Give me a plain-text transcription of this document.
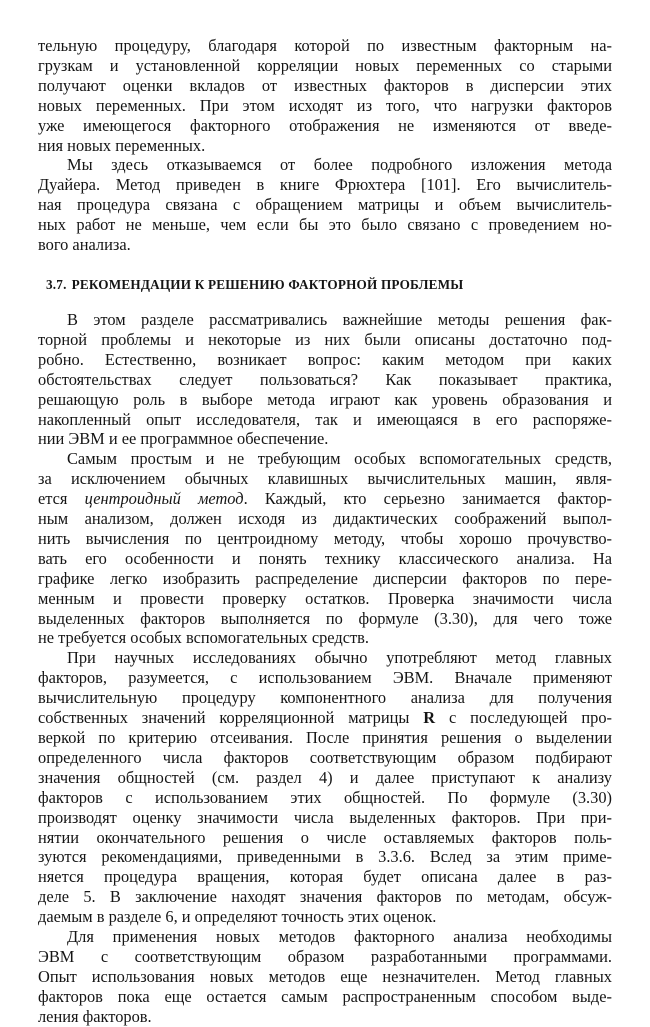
тельную процедуру, благодаря которой по известным факторным на-
грузкам и установленной корреляции новых переменных со старыми
получают оценки вкладов от известных факторов в дисперсии этих
новых переменных. При этом исходят из того, что нагрузки факторов
уже имеющегося факторного отображения не изменяются от введе-
ния новых переменных.
Мы здесь отказываемся от более подробного изложения метода
Дуайера. Метод приведен в книге Фрюхтера [101]. Его вычислитель-
ная процедура связана с обращением матрицы и объем вычислитель-
ных работ не меньше, чем если бы это было связано с проведением но-
вого анализа.
3.7. РЕКОМЕНДАЦИИ К РЕШЕНИЮ ФАКТОРНОЙ ПРОБЛЕМЫ
В этом разделе рассматривались важнейшие методы решения фак-
торной проблемы и некоторые из них были описаны достаточно под-
робно. Естественно, возникает вопрос: каким методом при каких
обстоятельствах следует пользоваться? Как показывает практика,
решающую роль в выборе метода играют как уровень образования и
накопленный опыт исследователя, так и имеющаяся в его распоряже-
нии ЭВМ и ее программное обеспечение.
Самым простым и не требующим особых вспомогательных средств,
за исключением обычных клавишных вычислительных машин, явля-
ется центроидный метод. Каждый, кто серьезно занимается фактор-
ным анализом, должен исходя из дидактических соображений выпол-
нить вычисления по центроидному методу, чтобы хорошо прочувство-
вать его особенности и понять технику классического анализа. На
графике легко изобразить распределение дисперсии факторов по пере-
менным и провести проверку остатков. Проверка значимости числа
выделенных факторов выполняется по формуле (3.30), для чего тоже
не требуется особых вспомогательных средств.
При научных исследованиях обычно употребляют метод главных
факторов, разумеется, с использованием ЭВМ. Вначале применяют
вычислительную процедуру компонентного анализа для получения
собственных значений корреляционной матрицы R с последующей про-
веркой по критерию отсеивания. После принятия решения о выделении
определенного числа факторов соответствующим образом подбирают
значения общностей (см. раздел 4) и далее приступают к анализу
факторов с использованием этих общностей. По формуле (3.30)
производят оценку значимости числа выделенных факторов. При при-
нятии окончательного решения о числе оставляемых факторов поль-
зуются рекомендациями, приведенными в 3.3.6. Вслед за этим приме-
няется процедура вращения, которая будет описана далее в раз-
деле 5. В заключение находят значения факторов по методам, обсуж-
даемым в разделе 6, и определяют точность этих оценок.
Для применения новых методов факторного анализа необходимы
ЭВМ с соответствующим образом разработанными программами.
Опыт использования новых методов еще незначителен. Метод главных
факторов пока еще остается самым распространенным способом выде-
ления факторов.
